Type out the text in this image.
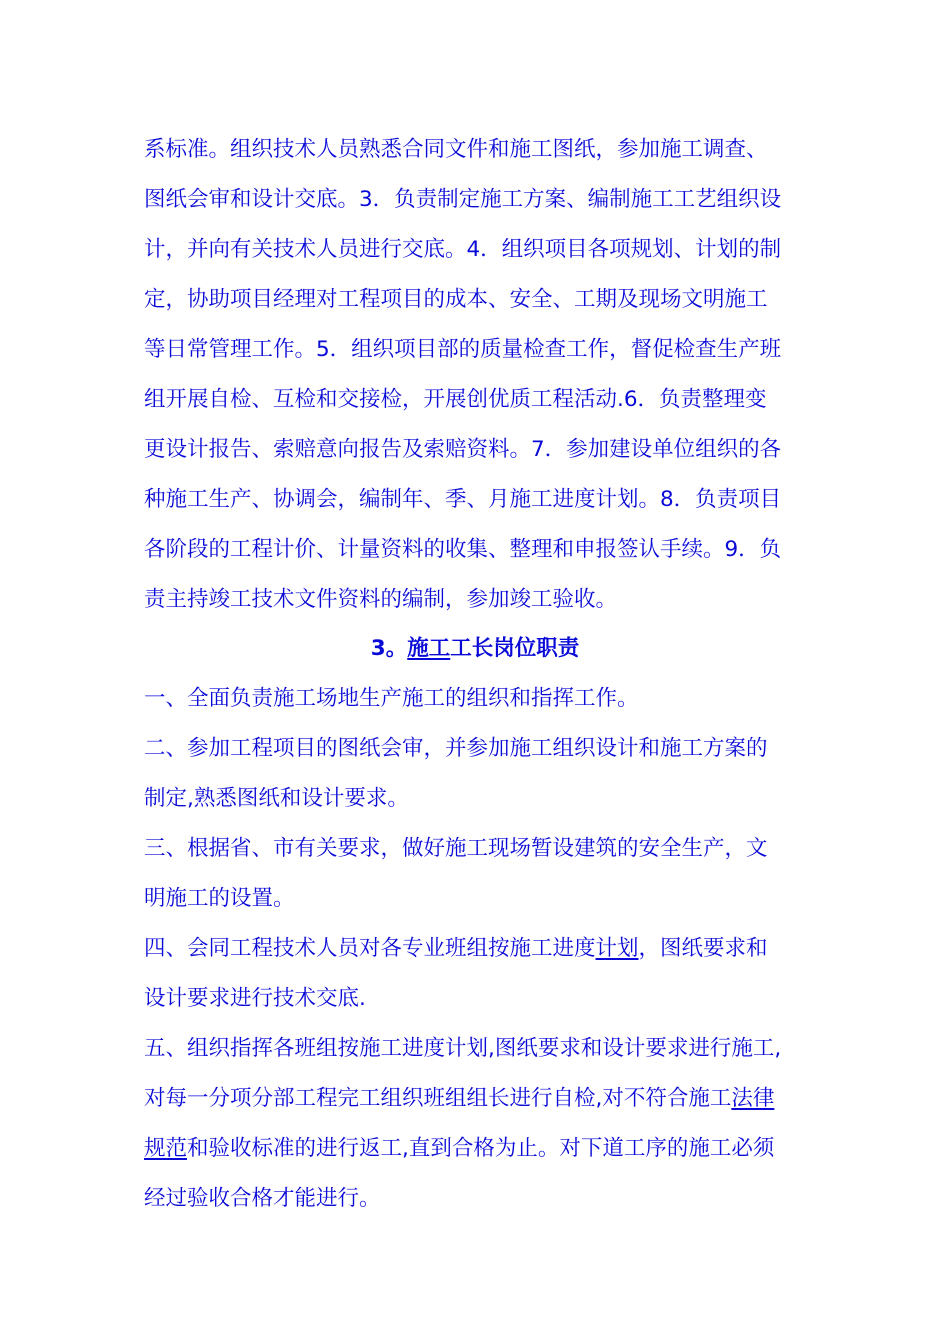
系标准。组织技术人员熟悉合同文件和施工图纸，参加施工调查、
图纸会审和设计交底。3．负责制定施工方案、编制施工工艺组织设
计，并向有关技术人员进行交底。4．组织项目各项规划、计划的制
定，协助项目经理对工程项目的成本、安全、工期及现场文明施工
等日常管理工作。5．组织项目部的质量检查工作，督促检查生产班
组开展自检、互检和交接检，开展创优质工程活动.6．负责整理变
更设计报告、索赔意向报告及索赔资料。7．参加建设单位组织的各
种施工生产、协调会，编制年、季、月施工进度计划。8．负责项目
各阶段的工程计价、计量资料的收集、整理和申报签认手续。9．负
责主持竣工技术文件资料的编制，参加竣工验收。
3。施工工长岗位职责
一、全面负责施工场地生产施工的组织和指挥工作。
二、参加工程项目的图纸会审，并参加施工组织设计和施工方案的
制定,熟悉图纸和设计要求。
三、根据省、市有关要求，做好施工现场暂设建筑的安全生产，文
明施工的设置。
四、会同工程技术人员对各专业班组按施工进度计划，图纸要求和
设计要求进行技术交底.
五、组织指挥各班组按施工进度计划,图纸要求和设计要求进行施工,
对每一分项分部工程完工组织班组组长进行自检,对不符合施工法律
规范和验收标准的进行返工,直到合格为止。对下道工序的施工必须
经过验收合格才能进行。
